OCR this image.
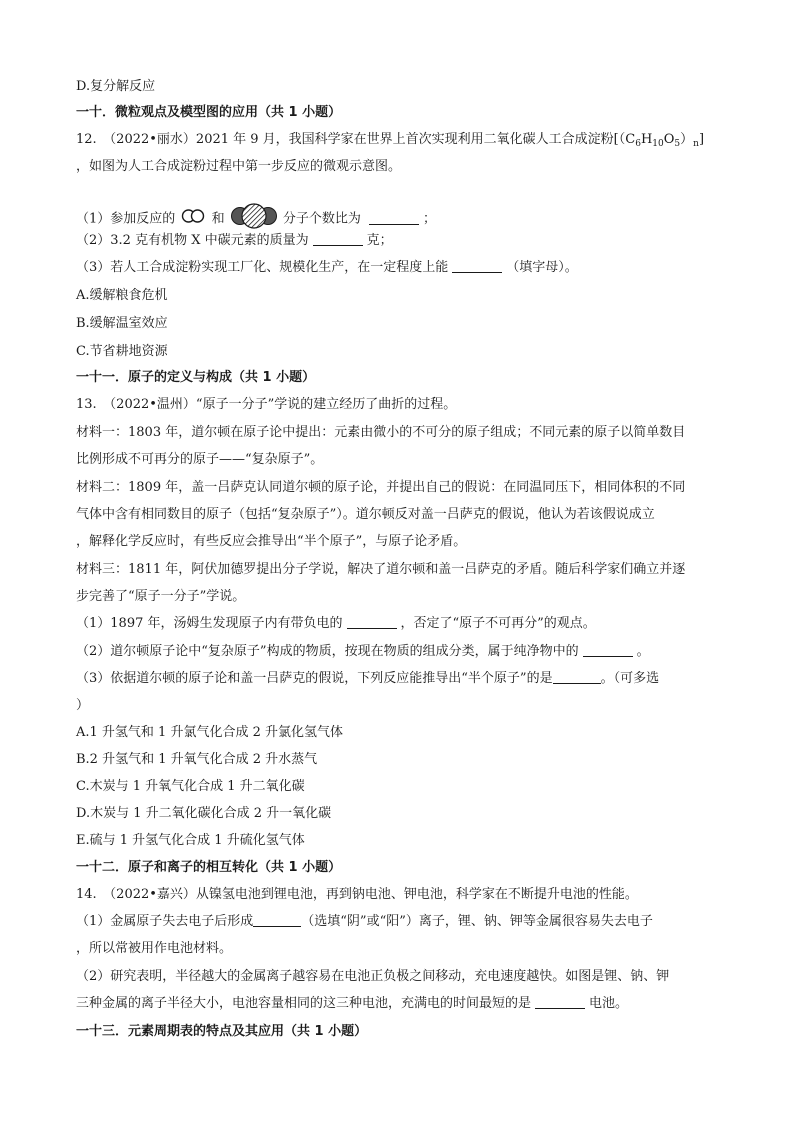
D.复分解反应
一十．微粒观点及模型图的应用（共 1 小题）
12.　（2022•丽水）2021 年 9 月，我国科学家在世界上首次实现利用二氧化碳人工合成淀粉$[(C_6H_{10}O_5)_n]$
，如图为人工合成淀粉过程中第一步反应的微观示意图。
（1）参加反应的	和	分子个数比为	；
（2）3.2 克有机物 X 中碳元素的质量为	克；
（3）若人工合成淀粉实现工厂化、规模化生产，在一定程度上能	（填字母）。
A.缓解粮食危机
B.缓解温室效应
C.节省耕地资源
一十一．原子的定义与构成（共 1 小题）
13.　（2022•温州）“原子一分子”学说的建立经历了曲折的过程。
材料一：1803 年，道尔顿在原子论中提出：元素由微小的不可分的原子组成；不同元素的原子以简单数目
比例形成不可再分的原子——“复杂原子”。
材料二：1809 年，盖一吕萨克认同道尔顿的原子论，并提出自己的假说：在同温同压下，相同体积的不同
气体中含有相同数目的原子（包括“复杂原子”）。道尔顿反对盖一吕萨克的假说，他认为若该假说成立
，解释化学反应时，有些反应会推导出“半个原子”，与原子论矛盾。
材料三：1811 年，阿伏加德罗提出分子学说，解决了道尔顿和盖一吕萨克的矛盾。随后科学家们确立并逐
步完善了“原子一分子”学说。
（1）1897 年，汤姆生发现原子内有带负电的	，否定了“原子不可再分”的观点。
（2）道尔顿原子论中“复杂原子”构成的物质，按现在物质的组成分类，属于纯净物中的	。
（3）依据道尔顿的原子论和盖一吕萨克的假说，下列反应能推导出“半个原子”的是	。（可多选
）
A.1 升氢气和 1 升氯气化合成 2 升氯化氢气体
B.2 升氢气和 1 升氧气化合成 2 升水蒸气
C.木炭与 1 升氧气化合成 1 升二氧化碳
D.木炭与 1 升二氧化碳化合成 2 升一氧化碳
E.硫与 1 升氢气化合成 1 升硫化氢气体
一十二．原子和离子的相互转化（共 1 小题）
14.　（2022•嘉兴）从镍氢电池到锂电池，再到钠电池、钾电池，科学家在不断提升电池的性能。
（1）金属原子失去电子后形成	（选填“阴”或“阳”）离子，锂、钠、钾等金属很容易失去电子
，所以常被用作电池材料。
（2）研究表明，半径越大的金属离子越容易在电池正负极之间移动，充电速度越快。如图是锂、钠、钾
三种金属的离子半径大小，电池容量相同的这三种电池，充满电的时间最短的是	电池。
一十三．元素周期表的特点及其应用（共 1 小题）
